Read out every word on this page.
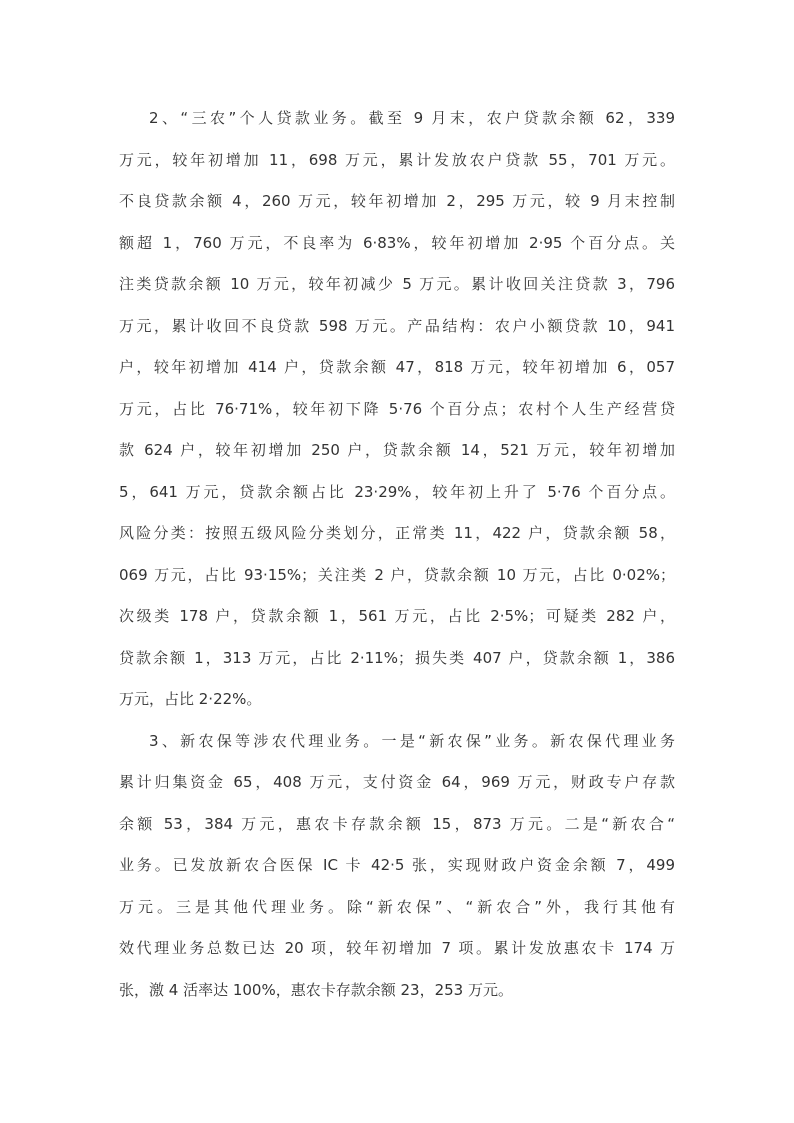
2、“三农”个人贷款业务。截至 9 月末，农户贷款余额 62，339
万元，较年初增加 11，698 万元，累计发放农户贷款 55，701 万元。
不良贷款余额 4，260 万元，较年初增加 2，295 万元，较 9 月末控制
额超 1，760 万元，不良率为 6·83%，较年初增加 2·95 个百分点。关
注类贷款余额 10 万元，较年初减少 5 万元。累计收回关注贷款 3，796
万元，累计收回不良贷款 598 万元。产品结构：农户小额贷款 10，941
户，较年初增加 414 户，贷款余额 47，818 万元，较年初增加 6，057
万元，占比 76·71%，较年初下降 5·76 个百分点；农村个人生产经营贷
款 624 户，较年初增加 250 户，贷款余额 14，521 万元，较年初增加
5，641 万元，贷款余额占比 23·29%，较年初上升了 5·76 个百分点。
风险分类：按照五级风险分类划分，正常类 11，422 户，贷款余额 58，
069 万元，占比 93·15%；关注类 2 户，贷款余额 10 万元，占比 0·02%；
次级类 178 户，贷款余额 1，561 万元，占比 2·5%；可疑类 282 户，
贷款余额 1，313 万元，占比 2·11%；损失类 407 户，贷款余额 1，386
万元，占比 2·22%。
3、新农保等涉农代理业务。一是“新农保”业务。新农保代理业务
累计归集资金 65，408 万元，支付资金 64，969 万元，财政专户存款
余额 53，384 万元，惠农卡存款余额 15，873 万元。二是“新农合“
业务。已发放新农合医保 IC 卡 42·5 张，实现财政户资金余额 7，499
万元。三是其他代理业务。除“新农保”、“新农合”外，我行其他有
效代理业务总数已达 20 项，较年初增加 7 项。累计发放惠农卡 174 万
张，激 4 活率达 100%，惠农卡存款余额 23，253 万元。
